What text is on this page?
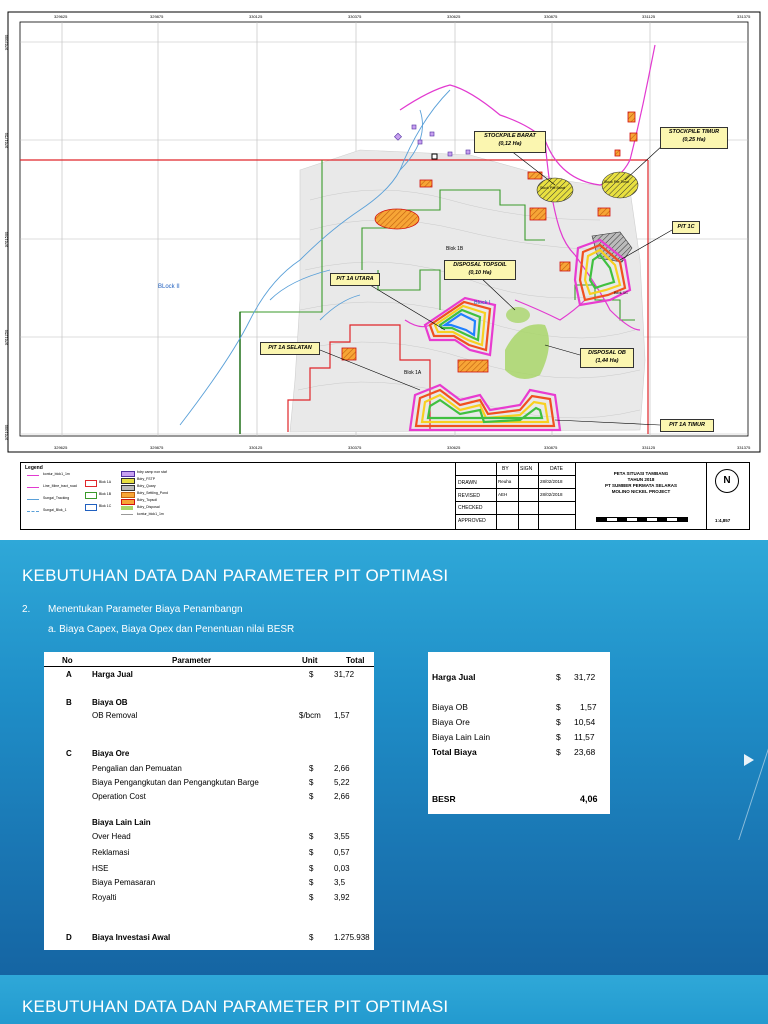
329625	329875	330125	330375	330625	330875	331125	331375
329625	329875	330125	330375	330625	330875	331125	331375
9762000
9761750
9761500
9761250
9761000
STOCKPILE BARAT
(0,12 Ha)
STOCKPILE TIMUR
(0,25 Ha)
PIT 1C
DISPOSAL TOPSOIL
(0,10 Ha)
PIT 1A UTARA
PIT 1A SELATAN
DISPOSAL OB
(1,44 Ha)
PIT 1A TIMUR
BLock II
Blok 1B
Block I
Blok 1A
Blok 1C
Stock Pile Barat
Stock Pile Timur
Legend
kontur_blok1_1m
Line_Mine_tract_road
Sungai_Tracking
Sungai_Blok_1
Blok 1A
Blok 1B
Blok 1C
bdry camp non staf
Bdry_FSTP
Bdry_Quary
Bdry_Settling_Pond
Bdry_Topsoil
Bdry_Disposal
kontur_blok1_1m
BY SIGN	DATE
DRAWN	Reuha	28/02/2018
REVISED	AEH	28/02/2018
CHECKED
APPROVED
PETA SITUASI TAMBANG
TAHUN 2018
PT SUMBER PERMATA SELARAS
MOLINO NICKEL PROJECT
N
1:4,857
KEBUTUHAN DATA DAN PARAMETER PIT OPTIMASI
2. Menentukan Parameter Biaya Penambangn
a. Biaya Capex, Biaya Opex dan Penentuan nilai BESR
No	Parameter	Unit	Total
A	Harga Jual	$	31,72
B	Biaya OB
OB Removal	$/bcm 1,57
C	Biaya Ore
Pengalian dan Pemuatan	$	2,66
Biaya Pengangkutan dan Pengangkutan Barge	$	5,22
Operation Cost	$	2,66
Biaya Lain Lain
Over Head	$	3,55
Reklamasi	$	0,57
HSE	$	0,03
Biaya Pemasaran	$	3,5
Royalti	$	3,92
D	Biaya Investasi Awal	$	1.275.938
Harga Jual	$ 31,72
Biaya OB	$ 1,57
Biaya Ore	$ 10,54
Biaya Lain Lain	$ 11,57
Total Biaya	$ 23,68
BESR	4,06
KEBUTUHAN DATA DAN PARAMETER PIT OPTIMASI
